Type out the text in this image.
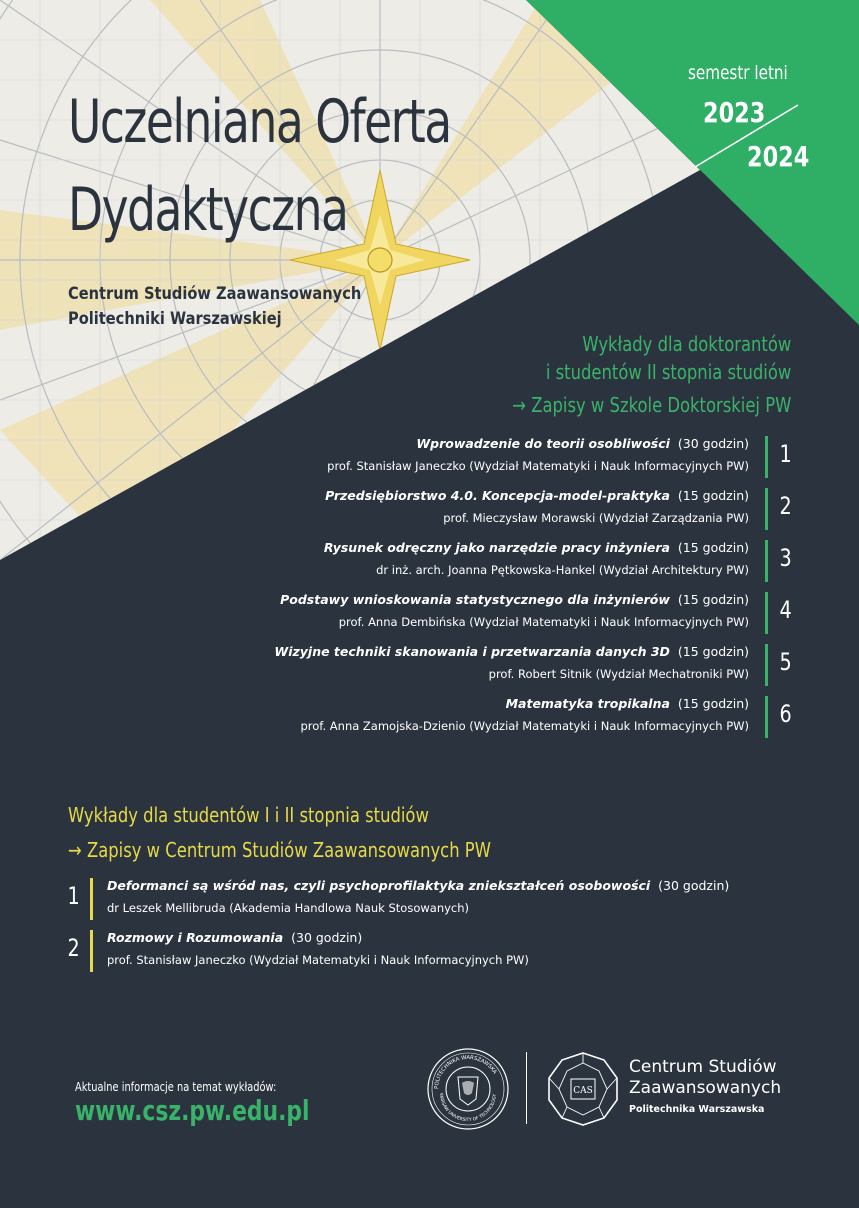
Uczelniana Oferta
Dydaktyczna
Centrum Studiów Zaawansowanych
Politechniki Warszawskiej
semestr letni
2023
2024
Wykłady dla doktorantów
i studentów II stopnia studiów
→ Zapisy w Szkole Doktorskiej PW
Wprowadzenie do teorii osobliwości (30 godzin)
prof. Stanisław Janeczko (Wydział Matematyki i Nauk Informacyjnych PW) 1
Przedsiębiorstwo 4.0. Koncepcja-model-praktyka (15 godzin)
prof. Mieczysław Morawski (Wydział Zarządzania PW) 2
Rysunek odręczny jako narzędzie pracy inżyniera (15 godzin)
dr inż. arch. Joanna Pętkowska-Hankel (Wydział Architektury PW) 3
Podstawy wnioskowania statystycznego dla inżynierów (15 godzin)
prof. Anna Dembińska (Wydział Matematyki i Nauk Informacyjnych PW) 4
Wizyjne techniki skanowania i przetwarzania danych 3D (15 godzin)
prof. Robert Sitnik (Wydział Mechatroniki PW) 5
Matematyka tropikalna (15 godzin)
prof. Anna Zamojska-Dzienio (Wydział Matematyki i Nauk Informacyjnych PW) 6
Wykłady dla studentów I i II stopnia studiów
→ Zapisy w Centrum Studiów Zaawansowanych PW
1 Deformanci są wśród nas, czyli psychoprofilaktyka zniekształceń osobowości (30 godzin)
dr Leszek Mellibruda (Akademia Handlowa Nauk Stosowanych)
2 Rozmowy i Rozumowania (30 godzin)
prof. Stanisław Janeczko (Wydział Matematyki i Nauk Informacyjnych PW)
Aktualne informacje na temat wykładów:
www.csz.pw.edu.pl
POLITECHNIKA WARSZAWSKA
WARSAW UNIVERSITY OF TECHNOLOGY	CAS
Centrum Studiów
Zaawansowanych
Politechnika Warszawska
